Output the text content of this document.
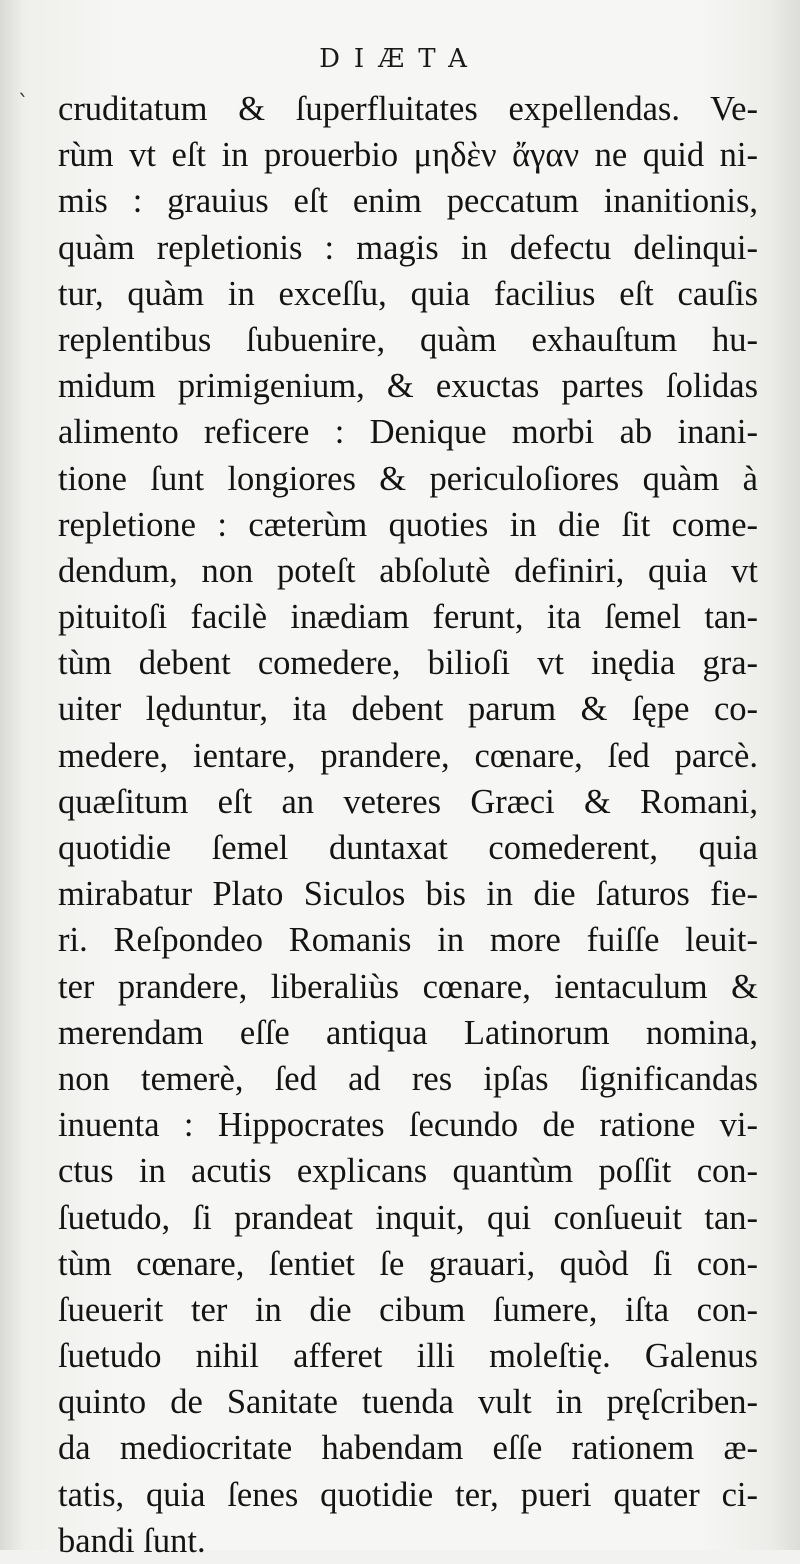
DIÆTA
ˋ cruditatum & ſuperfluitates expellendas. Ve-
rùm vt eſt in prouerbio μηδὲν ἄγαν ne quid ni-
mis : grauius eſt enim peccatum inanitionis,
quàm repletionis : magis in defectu delinqui-
tur, quàm in exceſſu, quia facilius eſt cauſis
replentibus ſubuenire, quàm exhauſtum hu-
midum primigenium, & exuctas partes ſolidas
alimento reficere : Denique morbi ab inani-
tione ſunt longiores & periculoſiores quàm à
repletione : cæterùm quoties in die ſit come-
dendum, non poteſt abſolutè definiri, quia vt
pituitoſi facilè inædiam ferunt, ita ſemel tan-
tùm debent comedere, bilioſi vt inędia gra-
uiter lęduntur, ita debent parum & ſępe co-
medere, ientare, prandere, cœnare, ſed parcè.
quæſitum eſt an veteres Græci & Romani,
quotidie ſemel duntaxat comederent, quia
mirabatur Plato Siculos bis in die ſaturos fie-
ri. Reſpondeo Romanis in more fuiſſe leuit-
ter prandere, liberaliùs cœnare, ientaculum &
merendam eſſe antiqua Latinorum nomina,
non temerè, ſed ad res ipſas ſignificandas
inuenta : Hippocrates ſecundo de ratione vi-
ctus in acutis explicans quantùm poſſit con-
ſuetudo, ſi prandeat inquit, qui conſueuit tan-
tùm cœnare, ſentiet ſe grauari, quòd ſi con-
ſueuerit ter in die cibum ſumere, iſta con-
ſuetudo nihil afferet illi moleſtię. Galenus
quinto de Sanitate tuenda vult in pręſcriben-
da mediocritate habendam eſſe rationem æ-
tatis, quia ſenes quotidie ter, pueri quater ci-
bandi ſunt.
